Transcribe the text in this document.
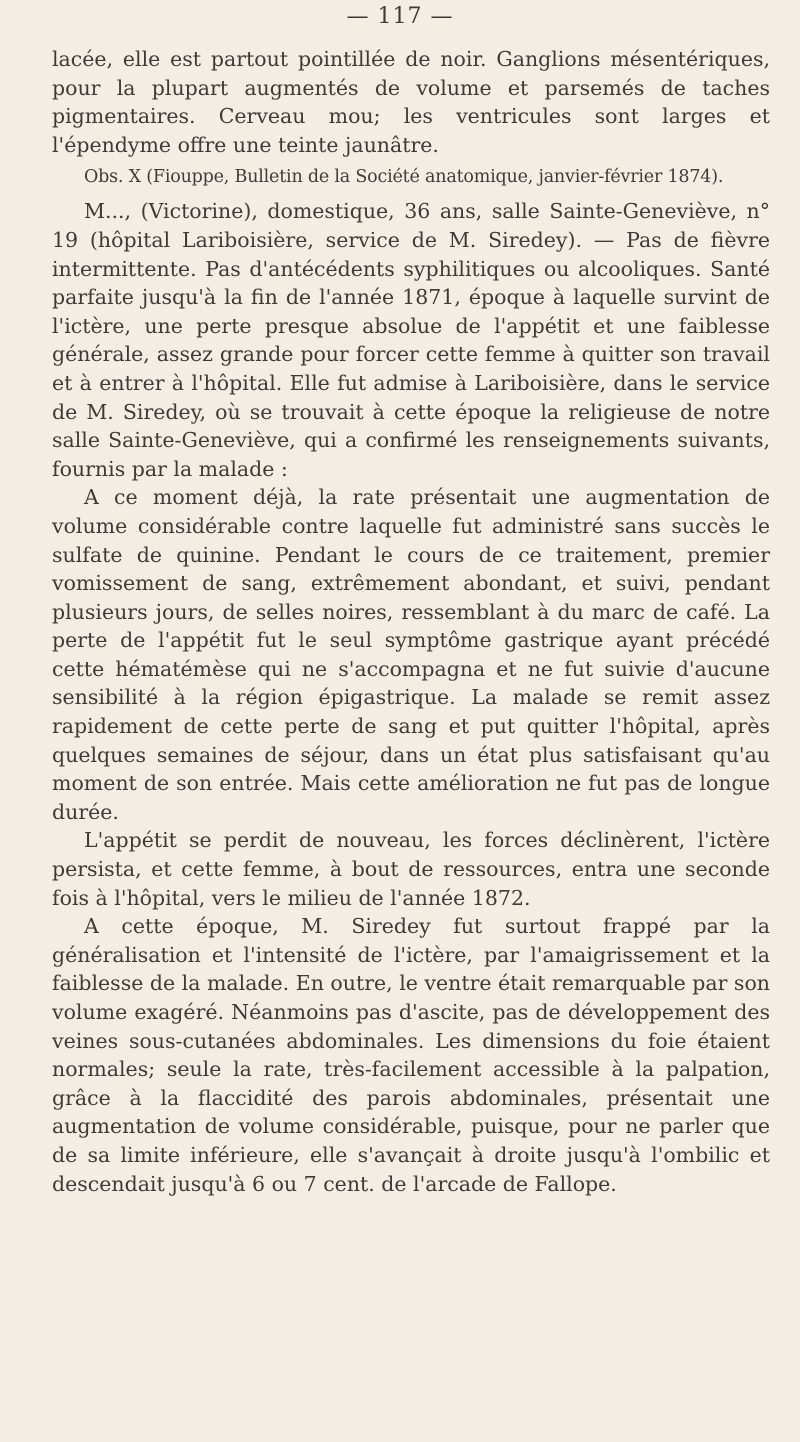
— 117 —

lacée, elle est partout pointillée de noir. Ganglions mésentériques, pour la plupart augmentés de volume et parsemés de taches pigmentaires. Cerveau mou; les ventricules sont larges et l'épendyme offre une teinte jaunâtre.

Obs. X (Fiouppe, Bulletin de la Société anatomique, janvier-février 1874).

M..., (Victorine), domestique, 36 ans, salle Sainte-Geneviève, n° 19 (hôpital Lariboisière, service de M. Siredey). — Pas de fièvre intermittente. Pas d'antécédents syphilitiques ou alcooliques. Santé parfaite jusqu'à la fin de l'année 1871, époque à laquelle survint de l'ictère, une perte presque absolue de l'appétit et une faiblesse générale, assez grande pour forcer cette femme à quitter son travail et à entrer à l'hôpital. Elle fut admise à Lariboisière, dans le service de M. Siredey, où se trouvait à cette époque la religieuse de notre salle Sainte-Geneviève, qui a confirmé les renseignements suivants, fournis par la malade :

A ce moment déjà, la rate présentait une augmentation de volume considérable contre laquelle fut administré sans succès le sulfate de quinine. Pendant le cours de ce traitement, premier vomissement de sang, extrêmement abondant, et suivi, pendant plusieurs jours, de selles noires, ressemblant à du marc de café. La perte de l'appétit fut le seul symptôme gastrique ayant précédé cette hématémèse qui ne s'accompagna et ne fut suivie d'aucune sensibilité à la région épigastrique. La malade se remit assez rapidement de cette perte de sang et put quitter l'hôpital, après quelques semaines de séjour, dans un état plus satisfaisant qu'au moment de son entrée. Mais cette amélioration ne fut pas de longue durée.

L'appétit se perdit de nouveau, les forces déclinèrent, l'ictère persista, et cette femme, à bout de ressources, entra une seconde fois à l'hôpital, vers le milieu de l'année 1872.

A cette époque, M. Siredey fut surtout frappé par la généralisation et l'intensité de l'ictère, par l'amaigrissement et la faiblesse de la malade. En outre, le ventre était remarquable par son volume exagéré. Néanmoins pas d'ascite, pas de développement des veines sous-cutanées abdominales. Les dimensions du foie étaient normales; seule la rate, très-facilement accessible à la palpation, grâce à la flaccidité des parois abdominales, présentait une augmentation de volume considérable, puisque, pour ne parler que de sa limite inférieure, elle s'avançait à droite jusqu'à l'ombilic et descendait jusqu'à 6 ou 7 cent. de l'arcade de Fallope.
